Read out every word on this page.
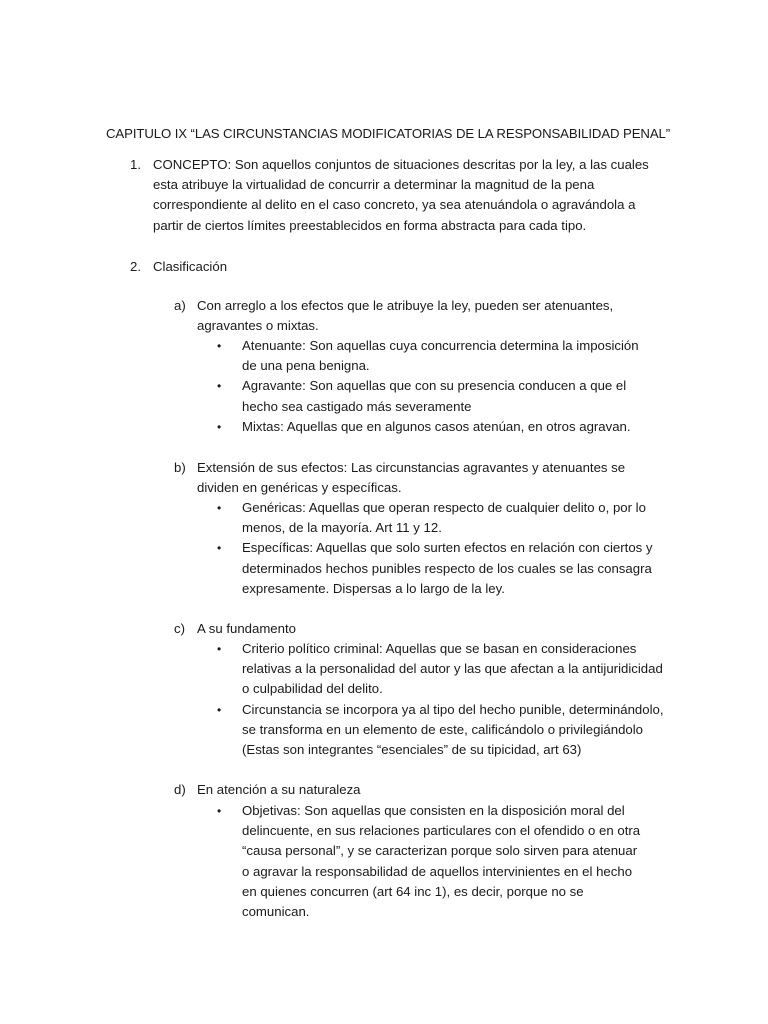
CAPITULO IX “LAS CIRCUNSTANCIAS MODIFICATORIAS DE LA RESPONSABILIDAD PENAL”

1. CONCEPTO: Son aquellos conjuntos de situaciones descritas por la ley, a las cuales esta atribuye la virtualidad de concurrir a determinar la magnitud de la pena correspondiente al delito en el caso concreto, ya sea atenuándola o agravándola a partir de ciertos límites preestablecidos en forma abstracta para cada tipo.

2. Clasificación

a) Con arreglo a los efectos que le atribuye la ley, pueden ser atenuantes, agravantes o mixtas.

•	Atenuante: Son aquellas cuya concurrencia determina la imposición de una pena benigna.

•	Agravante: Son aquellas que con su presencia conducen a que el hecho sea castigado más severamente

•	Mixtas: Aquellas que en algunos casos atenúan, en otros agravan.

b) Extensión de sus efectos: Las circunstancias agravantes y atenuantes se dividen en genéricas y específicas.

•	Genéricas: Aquellas que operan respecto de cualquier delito o, por lo menos, de la mayoría. Art 11 y 12.

•	Específicas: Aquellas que solo surten efectos en relación con ciertos y determinados hechos punibles respecto de los cuales se las consagra expresamente. Dispersas a lo largo de la ley.

c) A su fundamento

•	Criterio político criminal: Aquellas que se basan en consideraciones relativas a la personalidad del autor y las que afectan a la antijuridicidad o culpabilidad del delito.

•	Circunstancia se incorpora ya al tipo del hecho punible, determinándolo, se transforma en un elemento de este, calificándolo o privilegiándolo (Estas son integrantes “esenciales” de su tipicidad, art 63)

d) En atención a su naturaleza

•	Objetivas: Son aquellas que consisten en la disposición moral del delincuente, en sus relaciones particulares con el ofendido o en otra “causa personal”, y se caracterizan porque solo sirven para atenuar o agravar la responsabilidad de aquellos intervinientes en el hecho en quienes concurren (art 64 inc 1), es decir, porque no se comunican.
